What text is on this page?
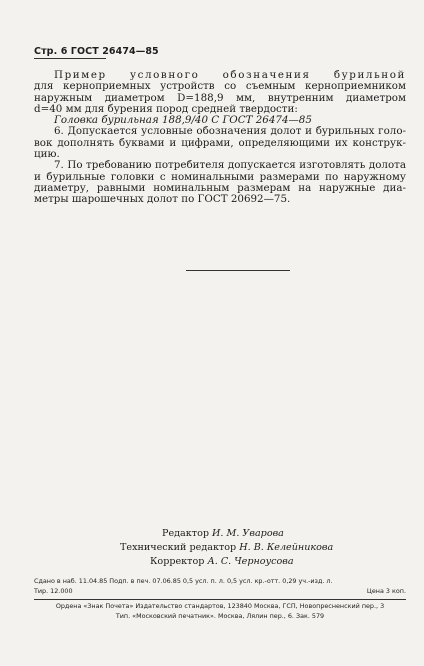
Стр. 6 ГОСТ 26474—85
Пример условного обозначения бурильной
для кернoприемных устройств со съемным кернoприемником
наружным диаметром D=188,9 мм, внутренним диаметром
d=40 мм для бурения пород средней твердости:
Головка бурильная 188,9/40 С ГОСТ 26474—85
6. Допускается условные обозначения долот и бурильных голо-
вок дополнять буквами и цифрами, определяющими их конструк-
цию.
7. По требованию потребителя допускается изготовлять долота
и бурильные головки с номинальными размерами по наружному
диаметру, равными номинальным размерам на наружные диа-
метры шарошечных долот по ГОСТ 20692—75.
Редактор И. М. Уварова
Технический редактор Н. В. Келейникова
Корректор А. С. Черноусова
Сдано в наб. 11.04.85 Подп. в печ. 07.06.85 0,5 усл. п. л. 0,5 усл. кр.-отт. 0,29 уч.-изд. л.
Тир. 12.000	Цена 3 коп.
Ордена «Знак Почета» Издательство стандартов, 123840 Москва, ГСП, Новопресненский пер., 3
Тип. «Московский печатник». Москва, Лялин пер., 6. Зак. 579
